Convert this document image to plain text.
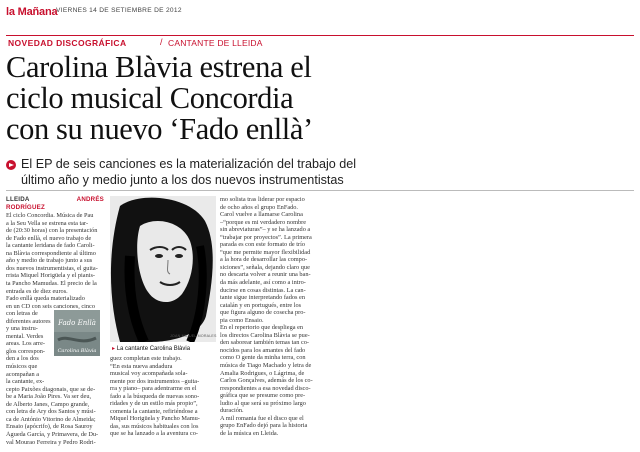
la Mañana
VIERNES 14 DE SETIEMBRE DE 2012
NOVEDAD DISCOGRÁFICA	/ CANTANTE DE LLEIDA
Carolina Blàvia estrena el
ciclo musical Concordia
con su nuevo ‘Fado enllà’
El EP de seis canciones es la materialización del trabajo del
último año y medio junto a los dos nuevos instrumentistas
LLEIDA	ANDRÉS RODRÍGUEZ
El ciclo Concordia. Música de Pau
a la Seu Vella se estrena esta tar-
de (20:30 horas) con la presentación
de Fado enllà, el nuevo trabajo de
la cantante leridana de fado Caroli-
na Blàvia correspondiente al último
año y medio de trabajo junto a sus
dos nuevos instrumentistas, el guita-
rrista Miquel Horigüela y el pianis-
ta Pancho Mamudas. El precio de la
entrada es de diez euros.
Fado enllà queda materializado
en un CD con seis canciones, cinco
con letras de
diferentes autores
y una instru-
mental. Verdes
areas. Los arre-
glos correspon-
den a los dos
músicos que
acompañan a
la cantante, ex-
cepto Paixões diagonais, que se de-
be a Maria João Pires. Va ser deu,
de Alberto Janes, Campo grande,
con letra de Ary dos Santos y músi-
ca de António Vitorino de Almeida;
Ensaio (apócrifo), de Rosa Sauroy
Águeda García, y Primavera, de Du-
val Mourao Ferreira y Pedro Rodri-
JOAN MIQUEL MORALES
▸ La cantante Carolina Blàvia
Fado Enllà
Carolina Blàvia
guez completan este trabajo.
“En esta nueva andadura
musical voy acompañada sola-
mente por dos instrumentos –guita-
rra y piano– para adentrarme en el
fado a la búsqueda de nuevas sono-
ridades y de un estilo más propio”,
comenta la cantante, refiriéndose a
Miquel Horigüela y Pancho Mamu-
das, sus músicos habituales con los
que se ha lanzado a la aventura co-
mo solista tras liderar por espacio
de ocho años el grupo EnFado.
Carol vuelve a llamarse Carolina
–“porque es mi verdadero nombre
sin abreviaturas”– y se ha lanzado a
“trabajar por proyectos”. La primera
parada es con este formato de trío
“que me permite mayor flexibilidad
a la hora de desarrollar las compo-
siciones”, señala, dejando claro que
no descarta volver a reunir una ban-
da más adelante, así como a intro-
ducirse en cosas distintas. La can-
tante sigue interpretando fados en
catalán y en portugués, entre los
que figura alguno de cosecha pro-
pia como Ensaio.
En el repertorio que despliega en
los directos Carolina Blàvia se pue-
den saborear también temas tan co-
nocidos para los amantes del fado
como O gente da minha terra, con
música de Tiago Machado y letra de
Amalia Rodrigues, o Lágrima, de
Carlos Gonçalves, además de los co-
rrespondientes a esa novedad disco-
gráfica que se presume como pre-
ludio al que será su próximo largo
duración.
A mil romania fue el disco que el
grupo EnFado dejó para la historia
de la música en Lleida.
